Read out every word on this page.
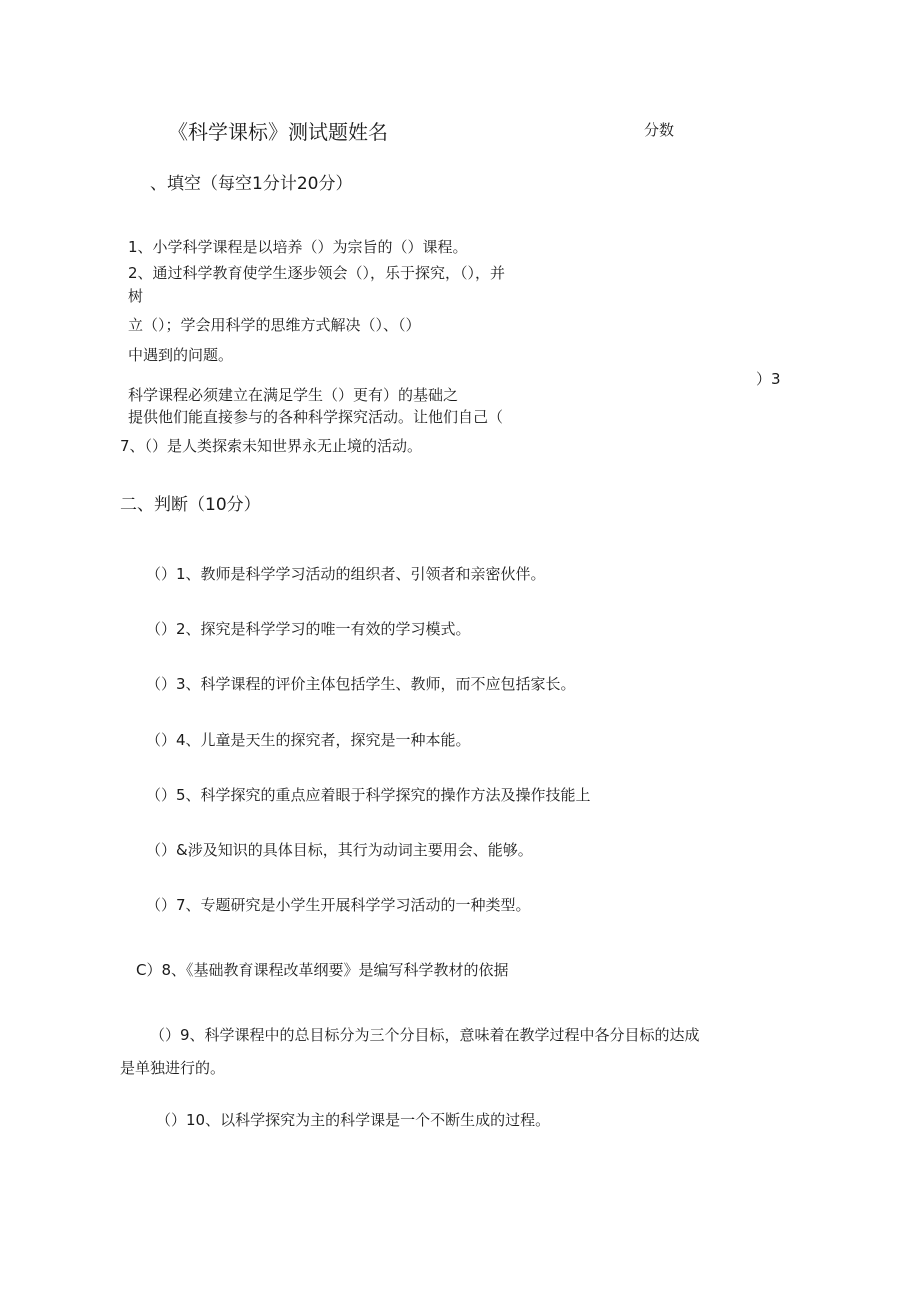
《科学课标》测试题姓名	分数
、填空（每空1分计20分）
1、小学科学课程是以培养（）为宗旨的（）课程。
2、通过科学教育使学生逐步领会（），乐于探究，（），并
树
立（）；学会用科学的思维方式解决（）、（）
中遇到的问题。
）3
科学课程必须建立在满足学生（）更有）的基础之
提供他们能直接参与的各种科学探究活动。让他们自己（
7、（）是人类探索未知世界永无止境的活动。
二、判断（10分）
（）1、教师是科学学习活动的组织者、引领者和亲密伙伴。
（）2、探究是科学学习的唯一有效的学习模式。
（）3、科学课程的评价主体包括学生、教师，而不应包括家长。
（）4、儿童是天生的探究者，探究是一种本能。
（）5、科学探究的重点应着眼于科学探究的操作方法及操作技能上
（）&涉及知识的具体目标，其行为动词主要用会、能够。
（）7、专题研究是小学生开展科学学习活动的一种类型。
C）8、《基础教育课程改革纲要》是编写科学教材的依据
（）9、科学课程中的总目标分为三个分目标，意味着在教学过程中各分目标的达成
是单独进行的。
（）10、以科学探究为主的科学课是一个不断生成的过程。
